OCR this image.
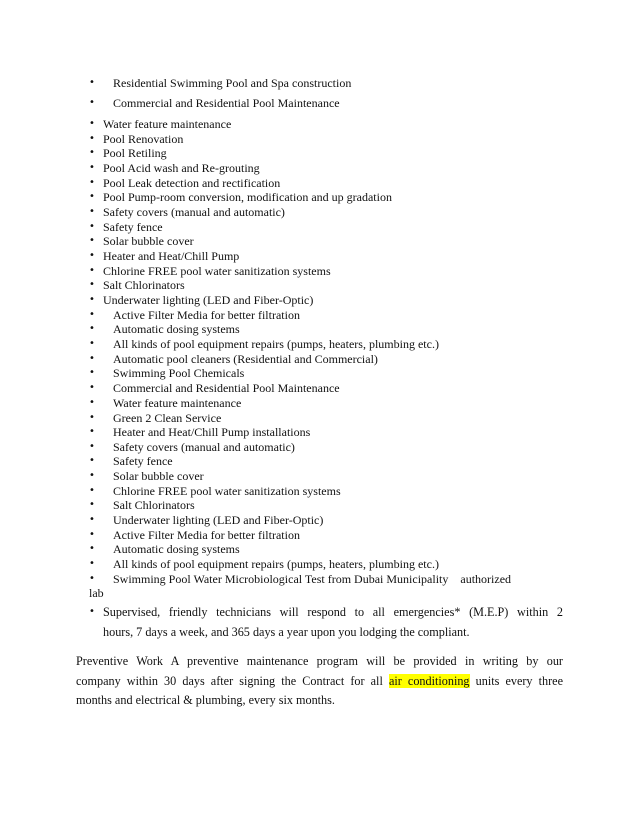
•
•
•
•
•
•
•
•
•
•
•
•
•
•
•
•
•
•
•
•
•
•
•
•
•
•
•
•
•
•
•
•
•
•
•
Residential Swimming Pool and Spa construction
Commercial and Residential Pool Maintenance
Water feature maintenance
Pool Renovation
Pool Retiling
Pool Acid wash and Re-grouting
Pool Leak detection and rectification
Pool Pump-room conversion, modification and up gradation
Safety covers (manual and automatic)
Safety fence
Solar bubble cover
Heater and Heat/Chill Pump
Chlorine FREE pool water sanitization systems
Salt Chlorinators
Underwater lighting (LED and Fiber-Optic)
Active Filter Media for better filtration
Automatic dosing systems
All kinds of pool equipment repairs (pumps, heaters, plumbing etc.)
Automatic pool cleaners (Residential and Commercial)
Swimming Pool Chemicals
Commercial and Residential Pool Maintenance
Water feature maintenance
Green 2 Clean Service
Heater and Heat/Chill Pump installations
Safety covers (manual and automatic)
Safety fence
Solar bubble cover
Chlorine FREE pool water sanitization systems
Salt Chlorinators
Underwater lighting (LED and Fiber-Optic)
Active Filter Media for better filtration
Automatic dosing systems
All kinds of pool equipment repairs (pumps, heaters, plumbing etc.)
Swimming Pool Water Microbiological Test from Dubai Municipality    authorized
lab
Supervised, friendly technicians will respond to all emergencies* (M.E.P) within 2
hours, 7 days a week, and 365 days a year upon you lodging the compliant.
Preventive Work A preventive maintenance program will be provided in writing by our
company within 30 days after signing the Contract for all air conditioning units every three
months and electrical & plumbing, every six months.
